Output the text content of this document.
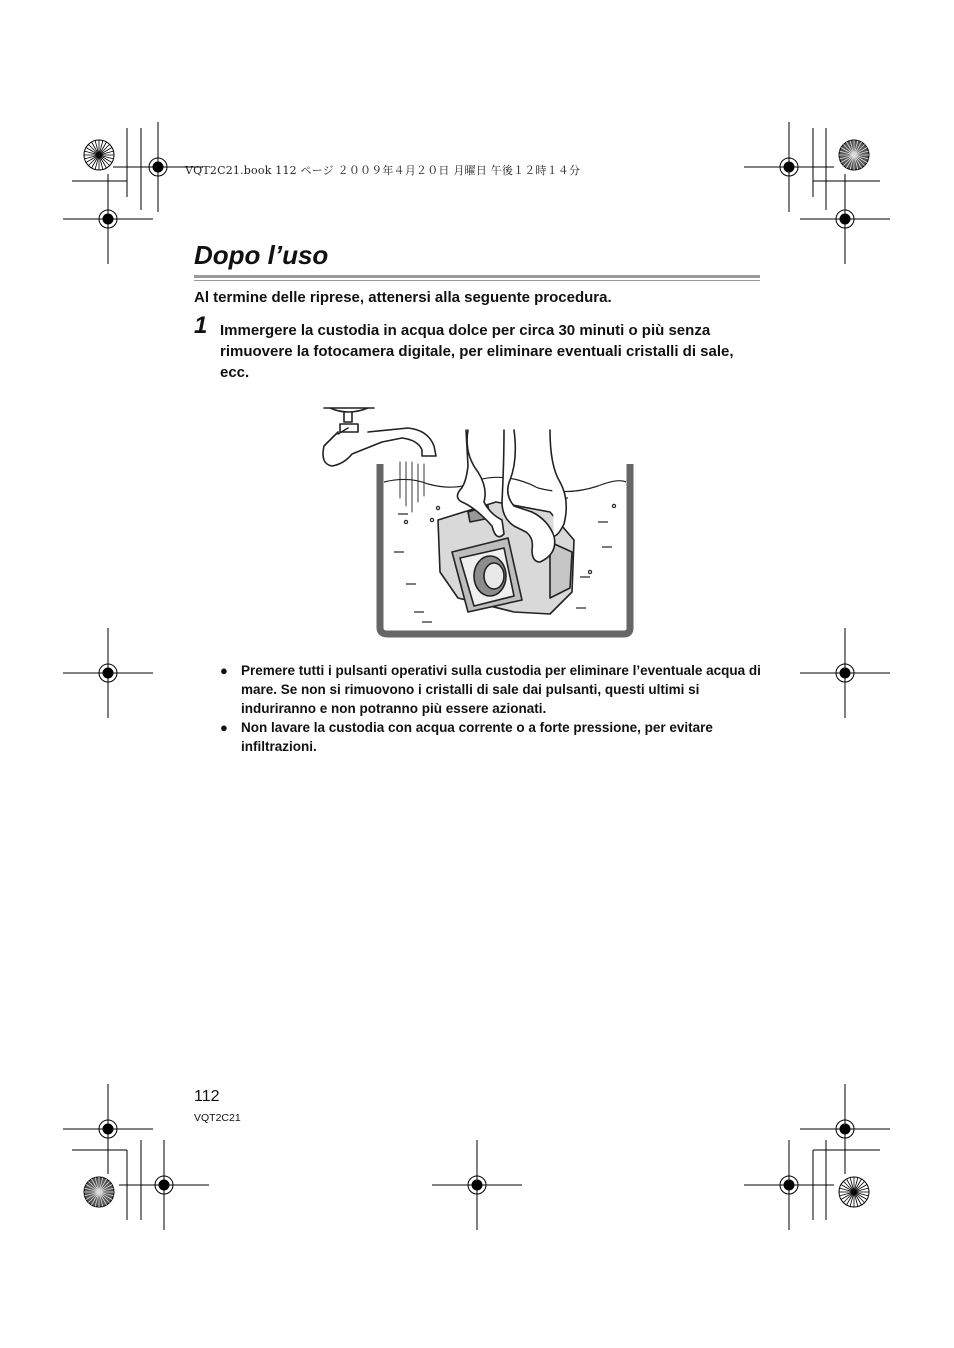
VQT2C21.book 112 ページ ２００９年４月２０日 月曜日 午後１２時１４分
Dopo l’uso
Al termine delle riprese, attenersi alla seguente procedura.
1 Immergere la custodia in acqua dolce per circa 30 minuti o più senza rimuovere la fotocamera digitale, per eliminare eventuali cristalli di sale, ecc.
● Premere tutti i pulsanti operativi sulla custodia per eliminare l’eventuale acqua di mare. Se non si rimuovono i cristalli di sale dai pulsanti, questi ultimi si induriranno e non potranno più essere azionati.
● Non lavare la custodia con acqua corrente o a forte pressione, per evitare infiltrazioni.
112
VQT2C21
